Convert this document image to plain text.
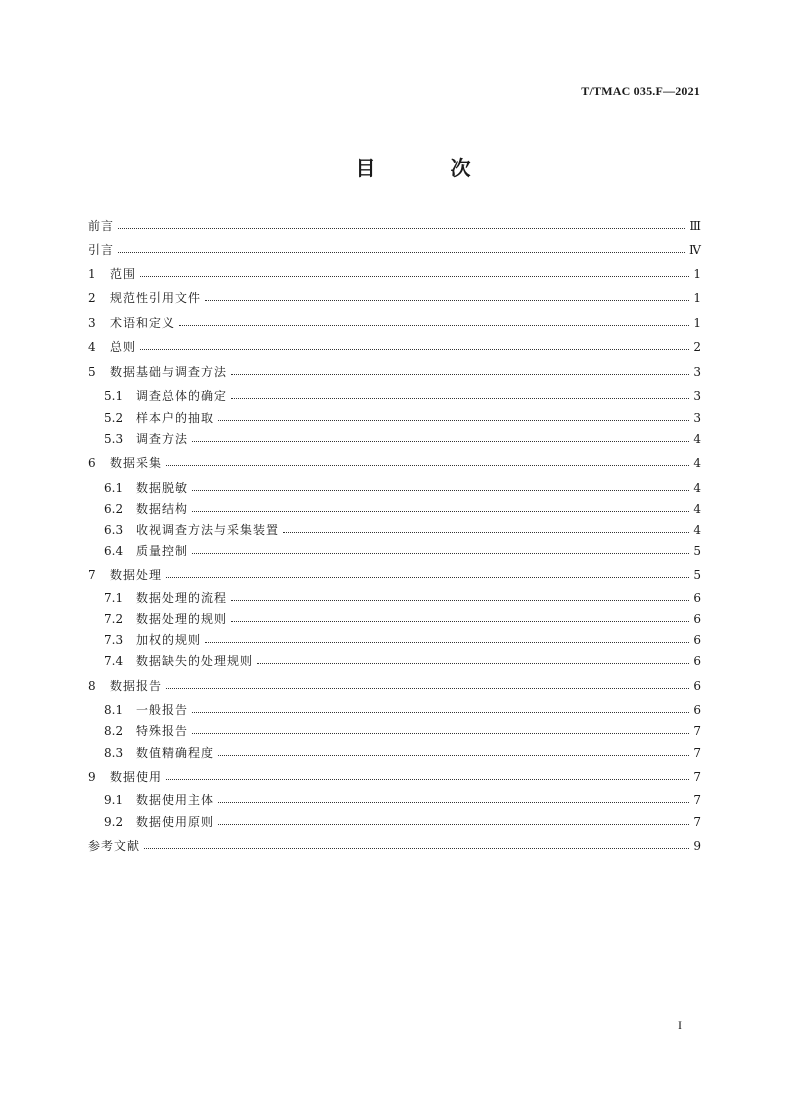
T/TMAC 035.F—2021
目 次
前言	Ⅲ
引言	Ⅳ
1	范围	1
2	规范性引用文件	1
3	术语和定义	1
4	总则	2
5	数据基础与调查方法	3
5.1	调查总体的确定	3
5.2	样本户的抽取	3
5.3	调查方法	4
6	数据采集	4
6.1	数据脱敏	4
6.2	数据结构	4
6.3	收视调查方法与采集装置	4
6.4	质量控制	5
7	数据处理	5
7.1	数据处理的流程	6
7.2	数据处理的规则	6
7.3	加权的规则	6
7.4	数据缺失的处理规则	6
8	数据报告	6
8.1	一般报告	6
8.2	特殊报告	7
8.3	数值精确程度	7
9	数据使用	7
9.1	数据使用主体	7
9.2	数据使用原则	7
参考文献	9
I
